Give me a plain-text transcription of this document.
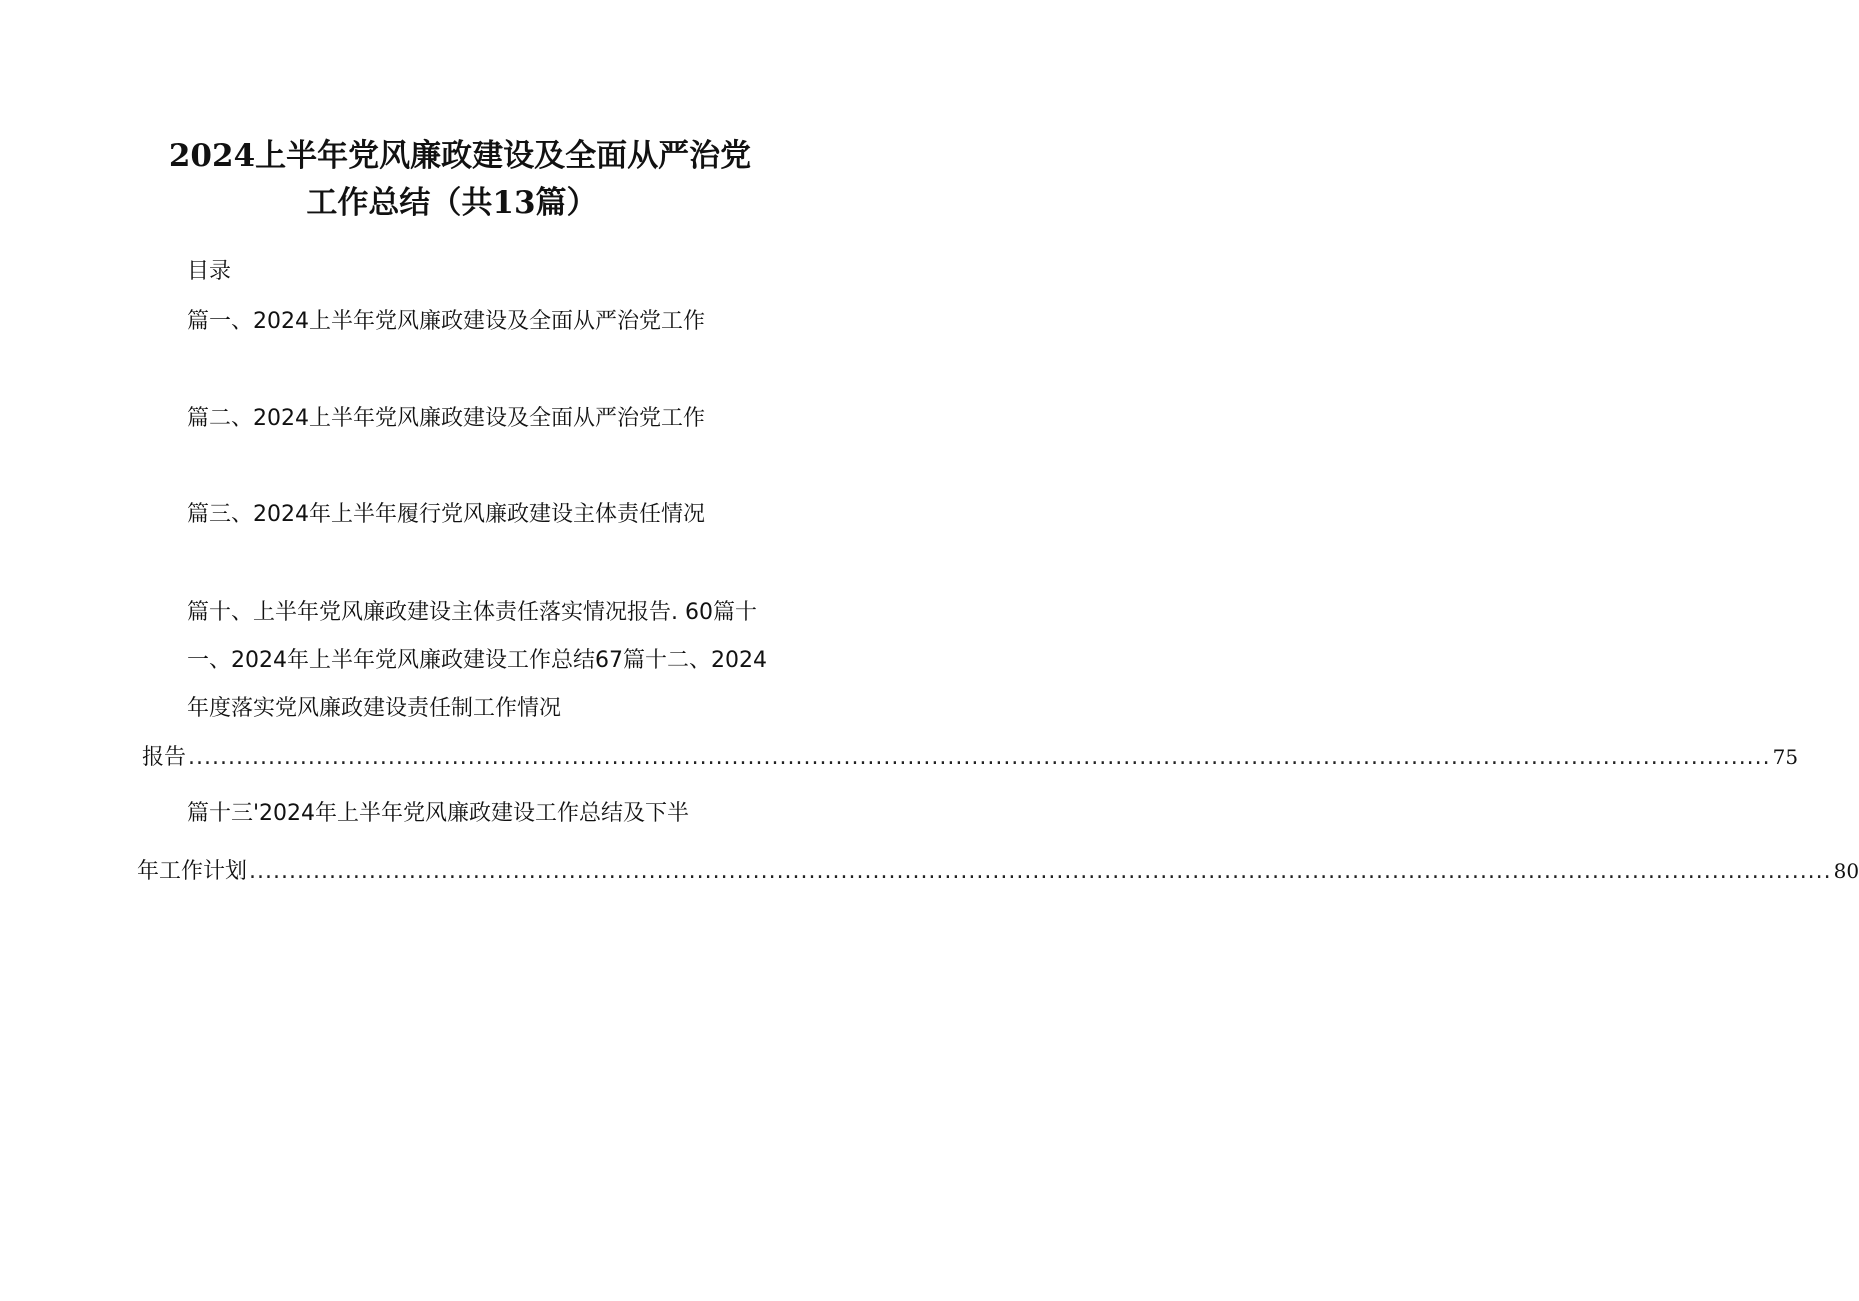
2024上半年党风廉政建设及全面从严治党
工作总结（共13篇）
目录
篇一、2024上半年党风廉政建设及全面从严治党工作
篇二、2024上半年党风廉政建设及全面从严治党工作
篇三、2024年上半年履行党风廉政建设主体责任情况
篇十、上半年党风廉政建设主体责任落实情况报告. 60篇十
一、2024年上半年党风廉政建设工作总结67篇十二、2024
年度落实党风廉政建设责任制工作情况
报告 ...................................................................................................................................................................................................... 75
篇十三'2024年上半年党风廉政建设工作总结及下半
年工作计划 ...................................................................................................................................................................................................... 80
